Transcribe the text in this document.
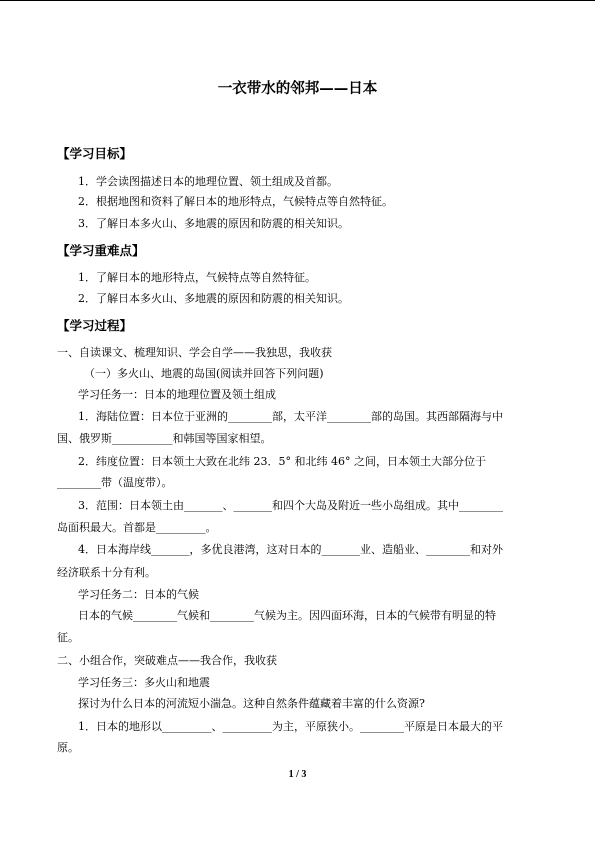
一衣带水的邻邦——日本
【学习目标】
1．学会读图描述日本的地理位置、领土组成及首都。
2．根据地图和资料了解日本的地形特点，气候特点等自然特征。
3．了解日本多火山、多地震的原因和防震的相关知识。
【学习重难点】
1．了解日本的地形特点，气候特点等自然特征。
2．了解日本多火山、多地震的原因和防震的相关知识。
【学习过程】
一、自读课文、梳理知识、学会自学——我独思，我收获
（一）多火山、地震的岛国(阅读并回答下列问题)
学习任务一：日本的地理位置及领土组成
1．海陆位置：日本位于亚洲的________部，太平洋________部的岛国。其西部隔海与中
国、俄罗斯___________和韩国等国家相望。
2．纬度位置：日本领土大致在北纬 23．5° 和北纬 46° 之间，日本领土大部分位于
________带（温度带）。
3．范围：日本领土由_______、_______和四个大岛及附近一些小岛组成。其中________
岛面积最大。首都是_________。
4．日本海岸线_______，多优良港湾，这对日本的_______业、造船业、________和对外
经济联系十分有利。
学习任务二：日本的气候
日本的气候________气候和________气候为主。因四面环海，日本的气候带有明显的特
征。
二、小组合作，突破难点——我合作，我收获
学习任务三：多火山和地震
探讨为什么日本的河流短小湍急。这种自然条件蕴藏着丰富的什么资源?
1．日本的地形以_________、_________为主，平原狭小。________平原是日本最大的平
原。
1 / 3
